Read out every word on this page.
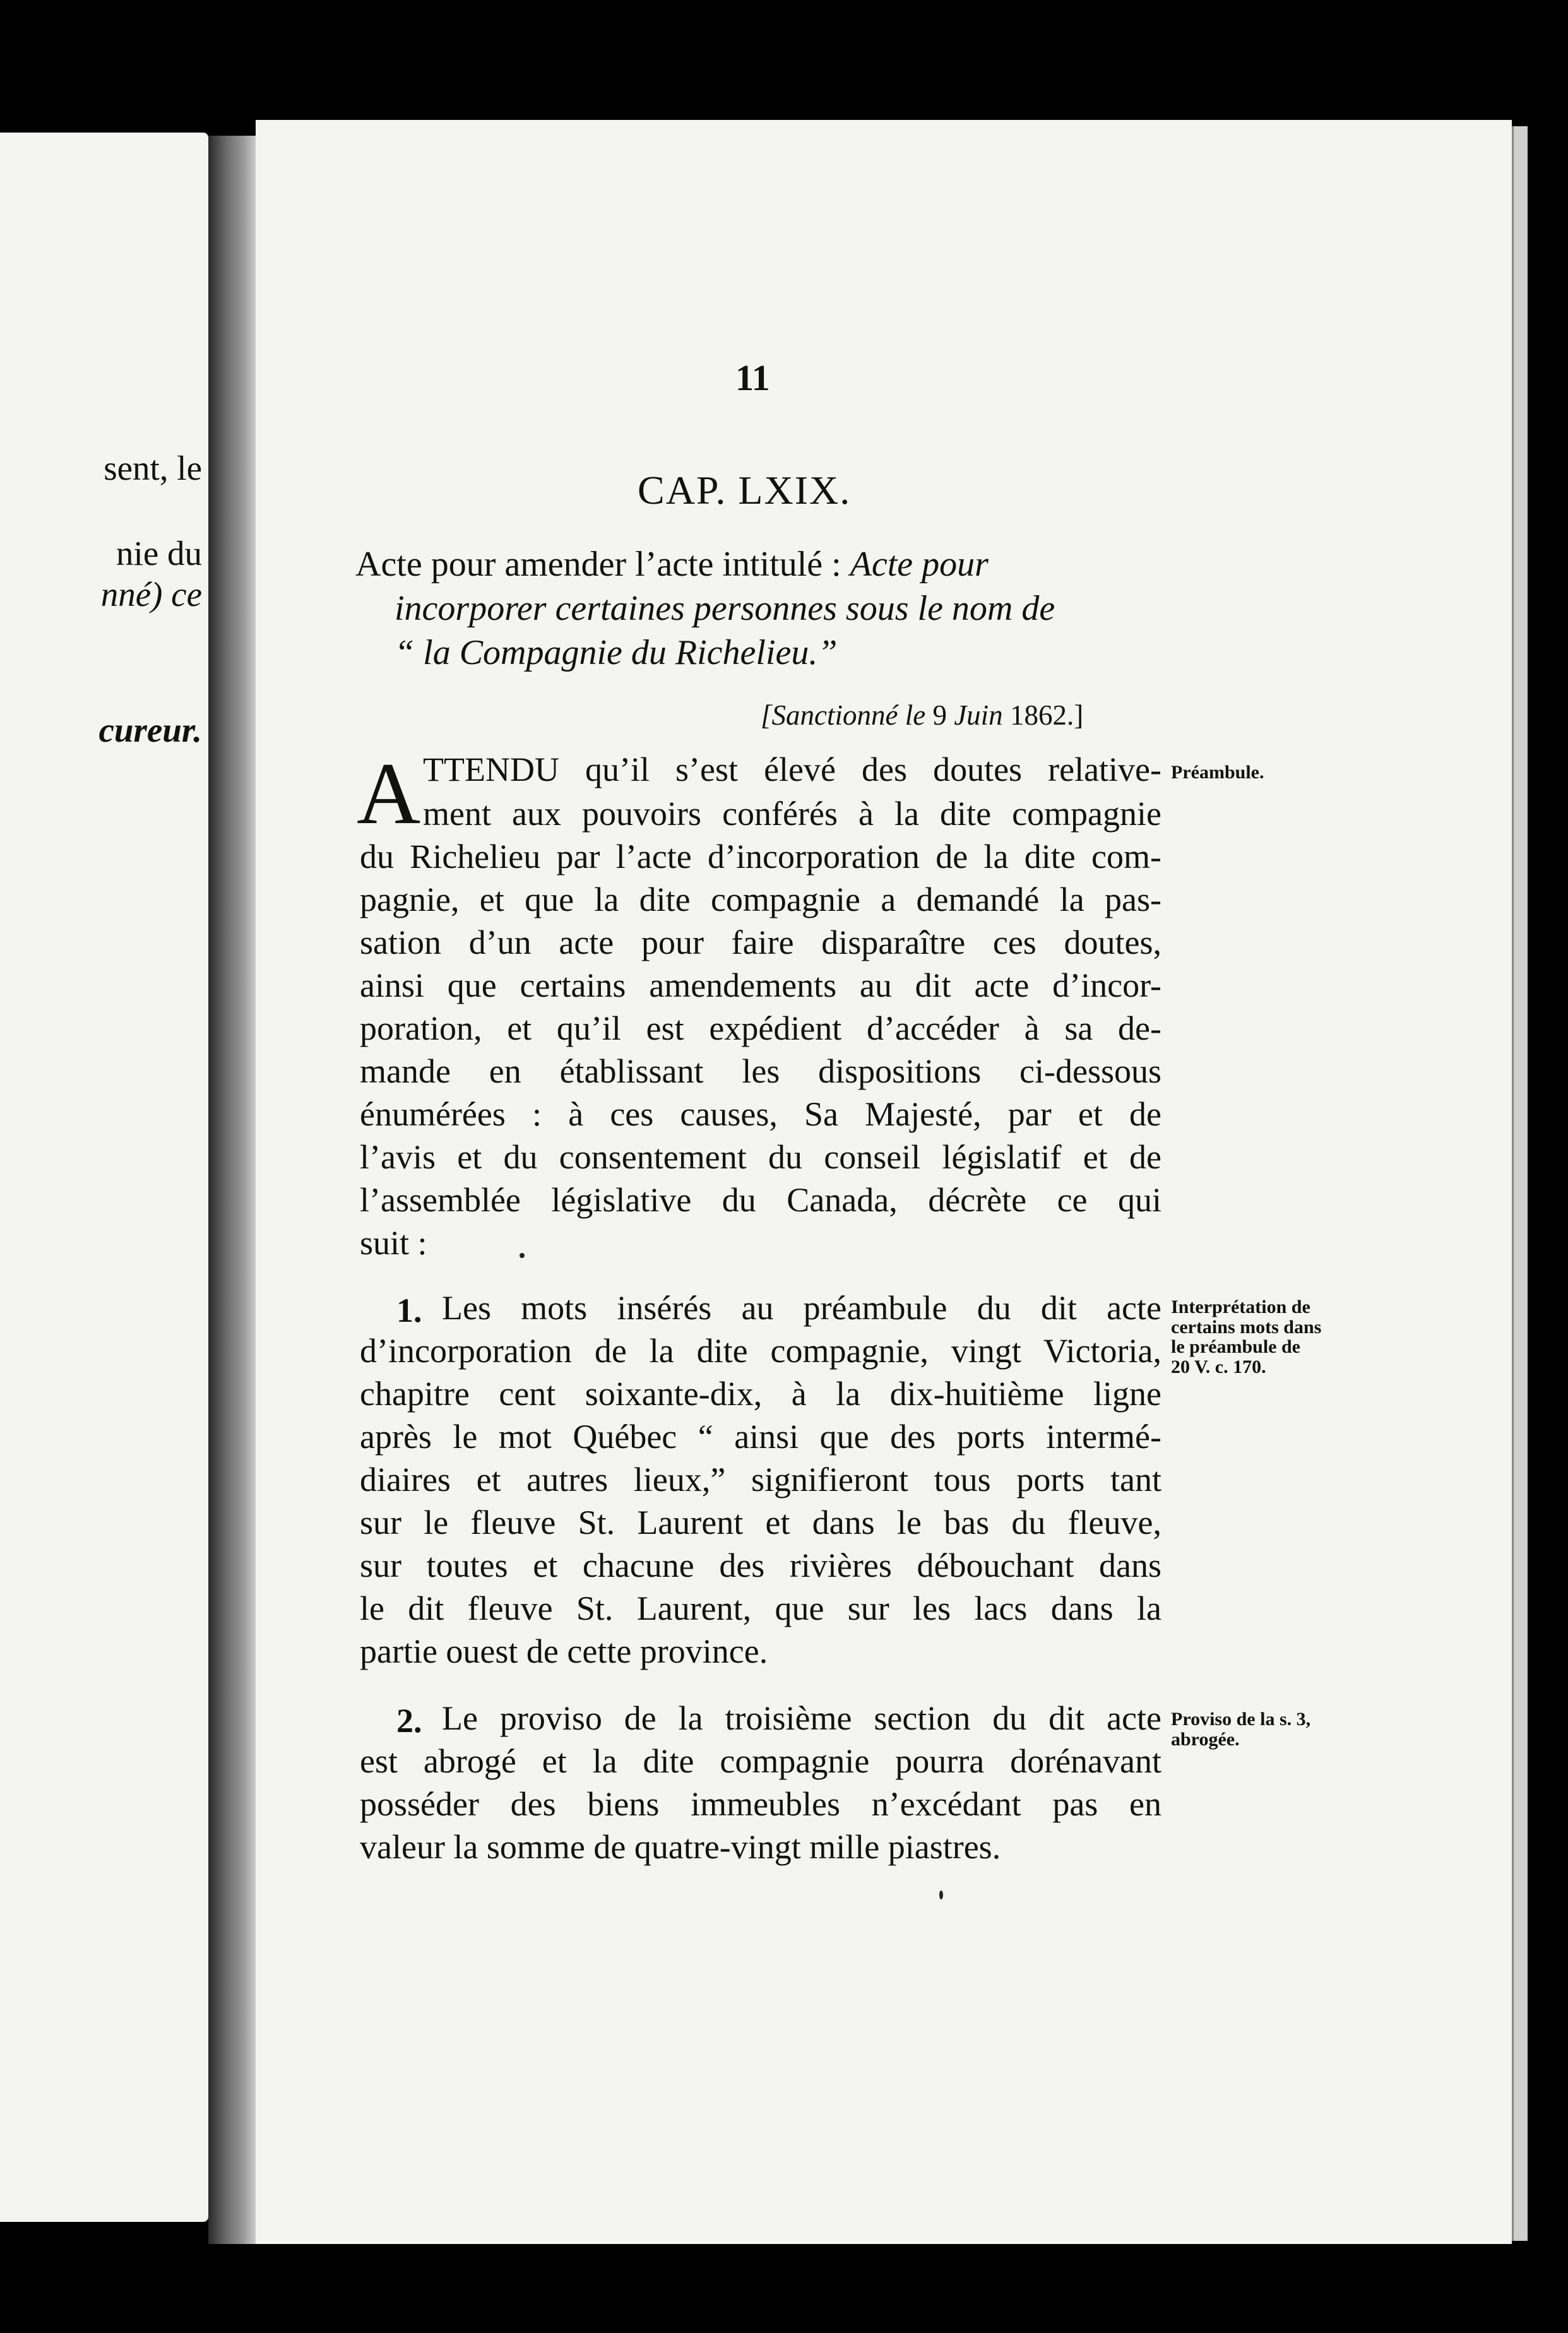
sent, le
nie du
nné) ce
cureur.
11
CAP. LXIX.
Acte pour amender l’acte intitulé : Acte pour
incorporer certaines personnes sous le nom de
“ la Compagnie du Richelieu.”
[Sanctionné le 9 Juin 1862.]
A TTENDU qu’il s’est élevé des doutes relative-
ment aux pouvoirs conférés à la dite compagnie
du Richelieu par l’acte d’incorporation de la dite com-
pagnie, et que la dite compagnie a demandé la pas-
sation d’un acte pour faire disparaître ces doutes,
ainsi que certains amendements au dit acte d’incor-
poration, et qu’il est expédient d’accéder à sa de-
mande en établissant les dispositions ci-dessous
énumérées : à ces causes, Sa Majesté, par et de
l’avis et du consentement du conseil législatif et de
l’assemblée législative du Canada, décrète ce qui
suit :
Préambule.
1. Les mots insérés au préambule du dit acte
d’incorporation de la dite compagnie, vingt Victoria,
chapitre cent soixante-dix, à la dix-huitième ligne
après le mot Québec “ ainsi que des ports intermé-
diaires et autres lieux,” signifieront tous ports tant
sur le fleuve St. Laurent et dans le bas du fleuve,
sur toutes et chacune des rivières débouchant dans
le dit fleuve St. Laurent, que sur les lacs dans la
partie ouest de cette province.
Interprétation de
certains mots dans
le préambule de
20 V. c. 170.
2. Le proviso de la troisième section du dit acte
est abrogé et la dite compagnie pourra dorénavant
posséder des biens immeubles n’excédant pas en
valeur la somme de quatre-vingt mille piastres.
Proviso de la s. 3,
abrogée.
